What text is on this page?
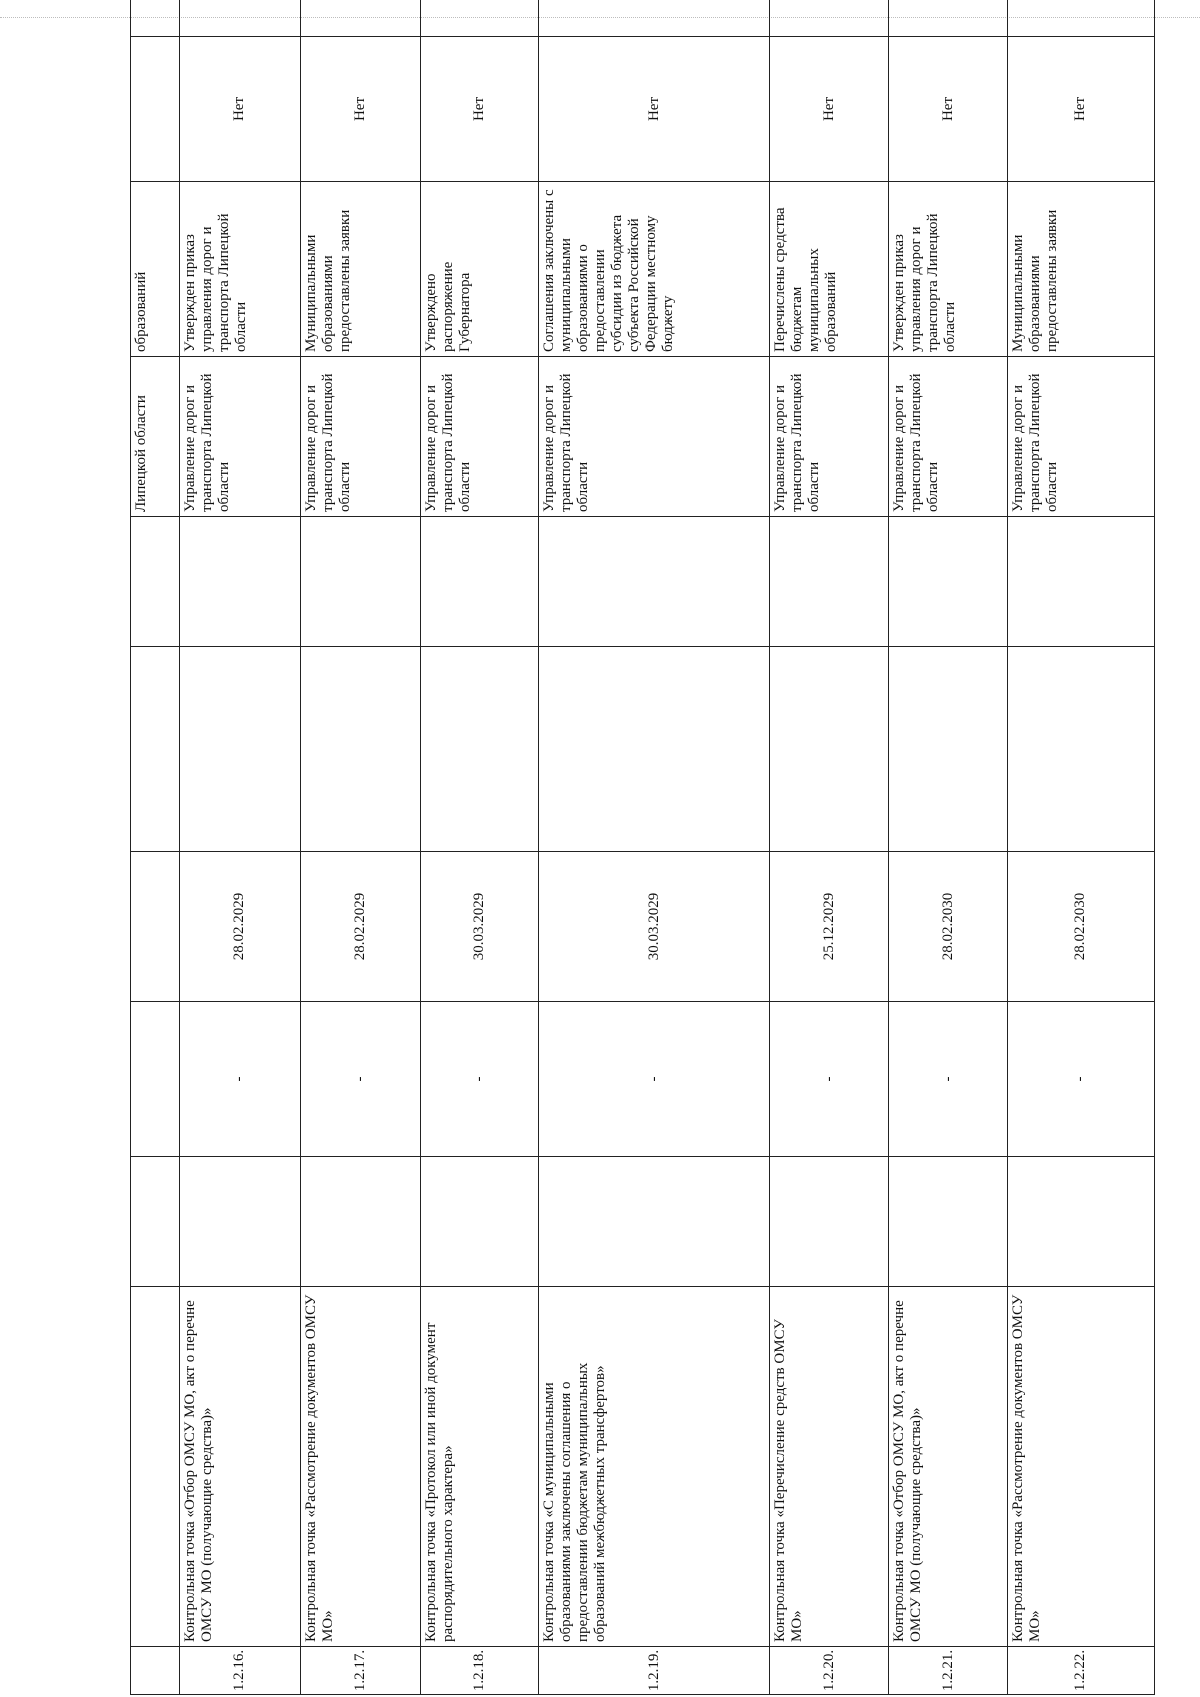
							Липецкой области	образований		
1.2.16.	Контрольная точка «Отбор ОМСУ МО, акт о перечне ОМСУ МО (получающие средства)»		-	28.02.2029			Управление дорог и транспорта Липецкой области	Утвержден приказ управления дорог и транспорта Липецкой области	Нет	
1.2.17.	Контрольная точка «Рассмотрение документов ОМСУ МО»		-	28.02.2029			Управление дорог и транспорта Липецкой области	Муниципальными образованиями предоставлены заявки	Нет	
1.2.18.	Контрольная точка «Протокол или иной документ распорядительного характера»		-	30.03.2029			Управление дорог и транспорта Липецкой области	Утверждено распоряжение Губернатора	Нет	
1.2.19.	Контрольная точка «С муниципальными образованиями заключены соглашения о предоставлении бюджетам муниципальных образований межбюджетных трансфертов»		-	30.03.2029			Управление дорог и транспорта Липецкой области	Соглашения заключены с муниципальными образованиями о предоставлении субсидии из бюджета субъекта Российской Федерации местному бюджету	Нет	
1.2.20.	Контрольная точка «Перечисление средств ОМСУ МО»		-	25.12.2029			Управление дорог и транспорта Липецкой области	Перечислены средства бюджетам муниципальных образований	Нет	
1.2.21.	Контрольная точка «Отбор ОМСУ МО, акт о перечне ОМСУ МО (получающие средства)»		-	28.02.2030			Управление дорог и транспорта Липецкой области	Утвержден приказ управления дорог и транспорта Липецкой области	Нет	
1.2.22.	Контрольная точка «Рассмотрение документов ОМСУ МО»		-	28.02.2030			Управление дорог и транспорта Липецкой области	Муниципальными образованиями предоставлены заявки	Нет	
